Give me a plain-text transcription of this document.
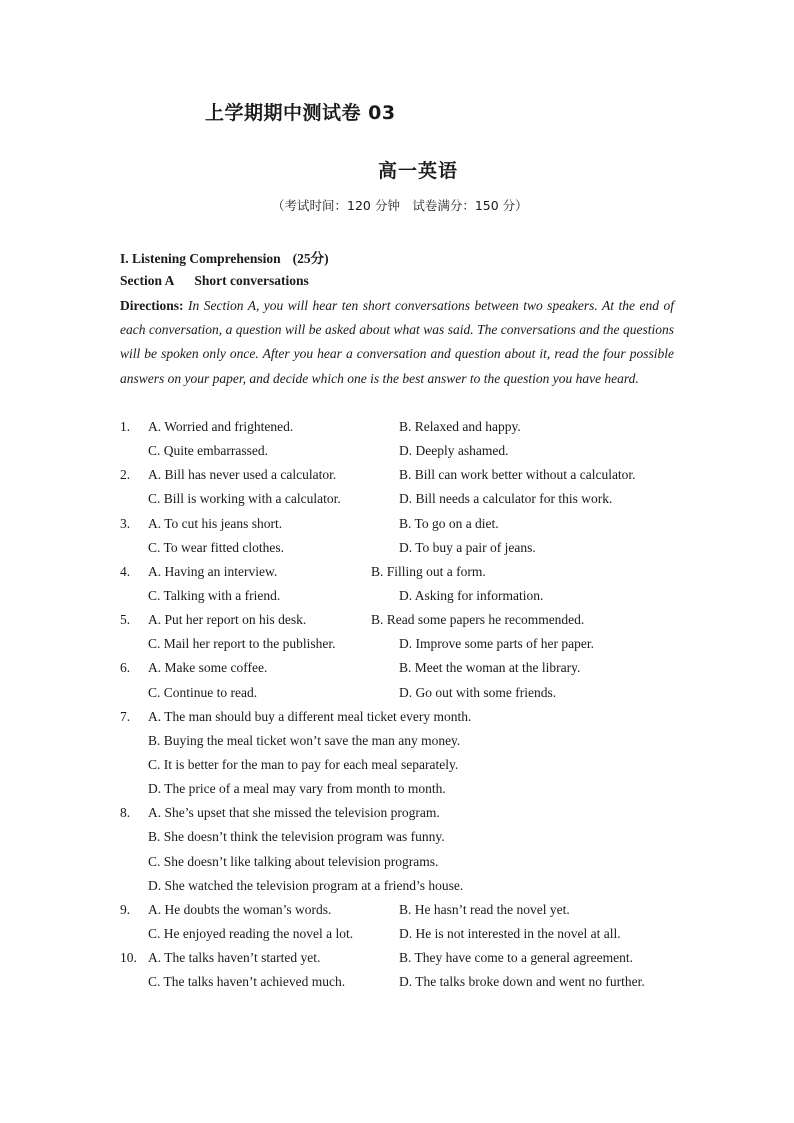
上学期期中测试卷 03
高一英语
（考试时间：120 分钟　试卷满分：150 分）
I. Listening Comprehension (25分)
Section A Short conversations
Directions: In Section A, you will hear ten short conversations between two speakers. At the end of each conversation, a question will be asked about what was said. The conversations and the questions will be spoken only once. After you hear a conversation and question about it, read the four possible answers on your paper, and decide which one is the best answer to the question you have heard.
1. A. Worried and frightened.	B. Relaxed and happy.
C. Quite embarrassed.	D. Deeply ashamed.
2. A. Bill has never used a calculator.	B. Bill can work better without a calculator.
C. Bill is working with a calculator.	D. Bill needs a calculator for this work.
3. A. To cut his jeans short.	B. To go on a diet.
C. To wear fitted clothes.	D. To buy a pair of jeans.
4. A. Having an interview.	B. Filling out a form.
C. Talking with a friend.	D. Asking for information.
5. A. Put her report on his desk.	B. Read some papers he recommended.
C. Mail her report to the publisher.	D. Improve some parts of her paper.
6. A. Make some coffee.	B. Meet the woman at the library.
C. Continue to read.	D. Go out with some friends.
7. A. The man should buy a different meal ticket every month.
B. Buying the meal ticket won’t save the man any money.
C. It is better for the man to pay for each meal separately.
D. The price of a meal may vary from month to month.
8. A. She’s upset that she missed the television program.
B. She doesn’t think the television program was funny.
C. She doesn’t like talking about television programs.
D. She watched the television program at a friend’s house.
9. A. He doubts the woman’s words.	B. He hasn’t read the novel yet.
C. He enjoyed reading the novel a lot.	D. He is not interested in the novel at all.
10. A. The talks haven’t started yet.	B. They have come to a general agreement.
C. The talks haven’t achieved much.	D. The talks broke down and went no further.
